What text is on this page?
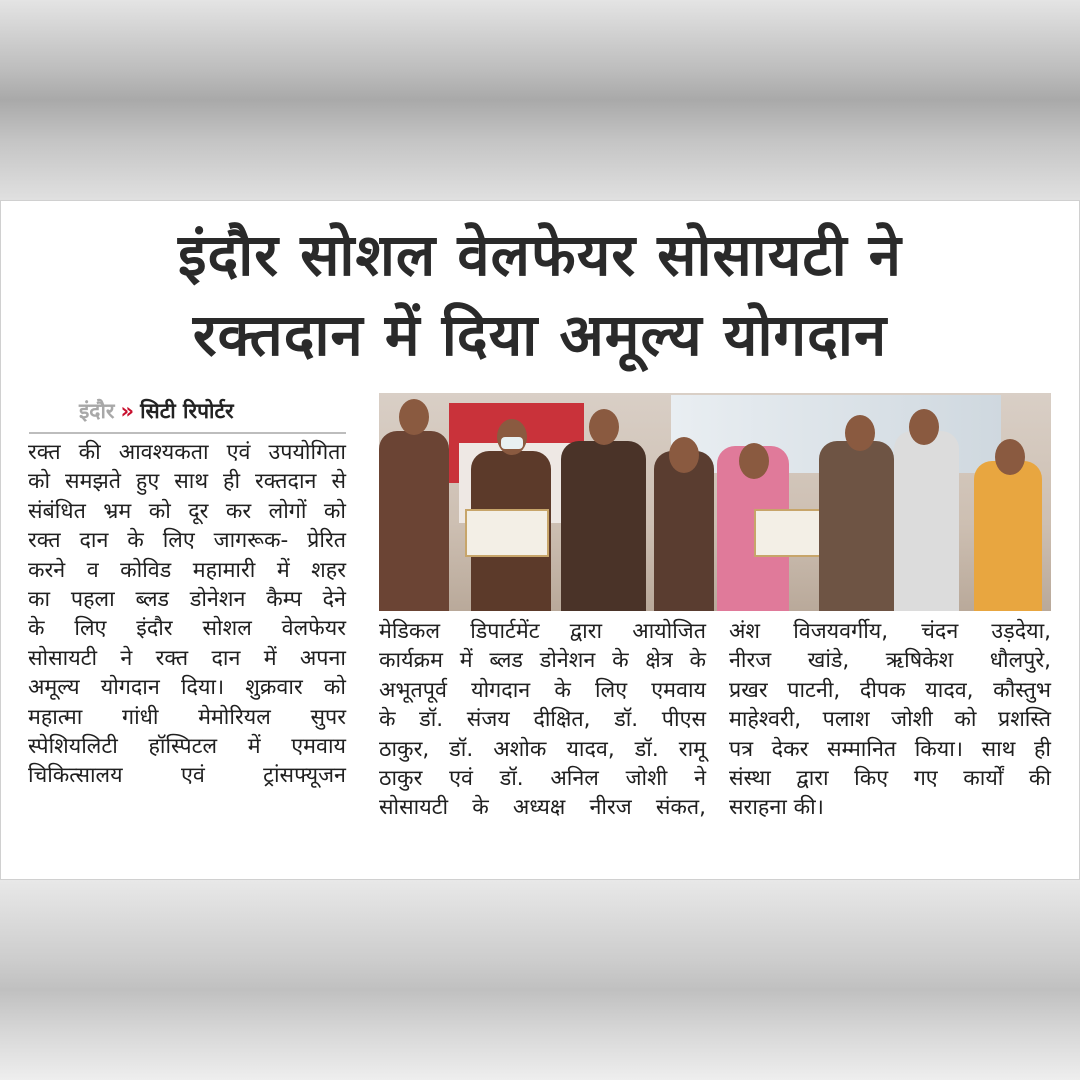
इंदौर सोशल वेलफेयर सोसायटी ने
रक्तदान में दिया अमूल्य योगदान
इंदौर » सिटी रिपोर्टर
रक्त की आवश्यकता एवं उपयोगिता
को समझते हुए साथ ही रक्तदान से
संबंधित भ्रम को दूर कर लोगों को
रक्त दान के लिए जागरूक- प्रेरित
करने व कोविड महामारी में शहर
का पहला ब्लड डोनेशन कैम्प देने
के लिए इंदौर सोशल वेलफेयर
सोसायटी ने रक्त दान में अपना
अमूल्य योगदान दिया। शुक्रवार को
महात्मा गांधी मेमोरियल सुपर
स्पेशियलिटी हॉस्पिटल में एमवाय
चिकित्सालय एवं ट्रांसफ्यूजन
मेडिकल डिपार्टमेंट द्वारा आयोजित
कार्यक्रम में ब्लड डोनेशन के क्षेत्र के
अभूतपूर्व योगदान के लिए एमवाय
के डॉ. संजय दीक्षित, डॉ. पीएस
ठाकुर, डॉ. अशोक यादव, डॉ. रामू
ठाकुर एवं डॉ. अनिल जोशी ने
सोसायटी के अध्यक्ष नीरज संकत,
अंश विजयवर्गीय, चंदन उड़देया,
नीरज खांडे, ऋषिकेश धौलपुरे,
प्रखर पाटनी, दीपक यादव, कौस्तुभ
माहेश्वरी, पलाश जोशी को प्रशस्ति
पत्र देकर सम्मानित किया। साथ ही
संस्था द्वारा किए गए कार्यों की
सराहना की।
